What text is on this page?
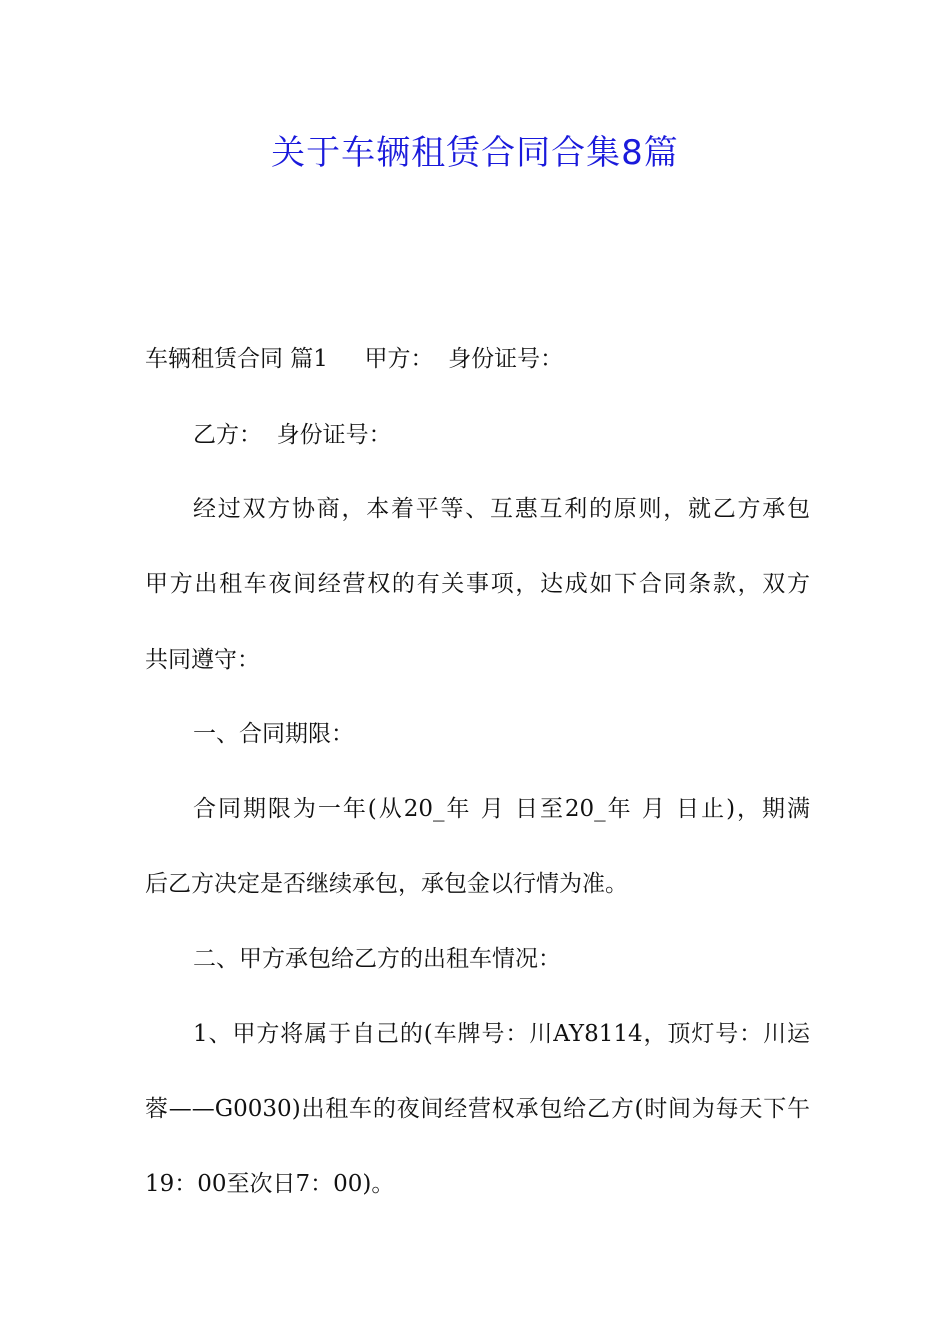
关于车辆租赁合同合集8篇
车辆租赁合同 篇1     甲方：  身份证号：
乙方：  身份证号：
经过双方协商，本着平等、互惠互利的原则，就乙方承包
甲方出租车夜间经营权的有关事项，达成如下合同条款，双方
共同遵守：
一、合同期限：
合同期限为一年(从20_年 月 日至20_年 月 日止)，期满
后乙方决定是否继续承包，承包金以行情为准。
二、甲方承包给乙方的出租车情况：
1、甲方将属于自己的(车牌号：川AY8114，顶灯号：川运
蓉——G0030)出租车的夜间经营权承包给乙方(时间为每天下午
19：00至次日7：00)。
